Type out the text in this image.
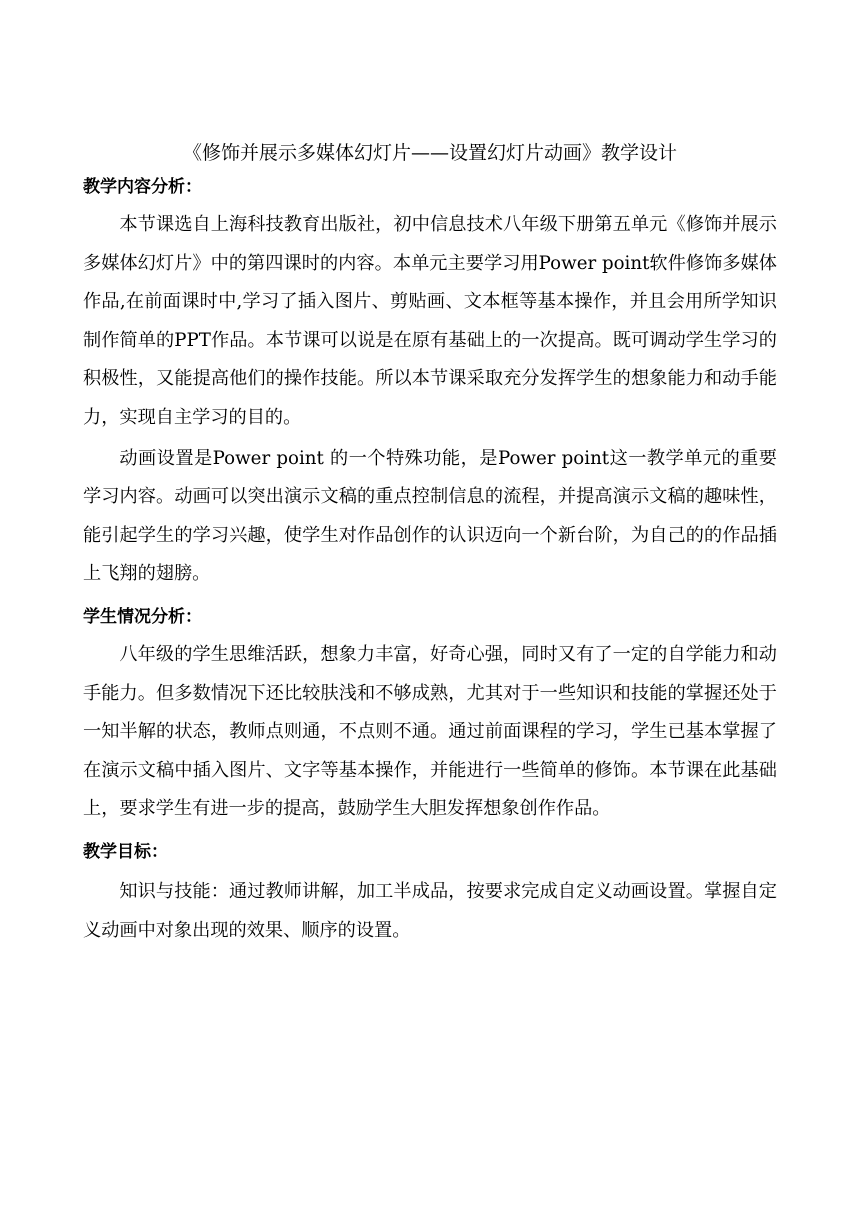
《修饰并展示多媒体幻灯片——设置幻灯片动画》教学设计
教学内容分析：

本节课选自上海科技教育出版社，初中信息技术八年级下册第五单元《修饰并展示多媒体幻灯片》中的第四课时的内容。本单元主要学习用Power point软件修饰多媒体作品,在前面课时中,学习了插入图片、剪贴画、文本框等基本操作，并且会用所学知识制作简单的PPT作品。本节课可以说是在原有基础上的一次提高。既可调动学生学习的积极性，又能提高他们的操作技能。所以本节课采取充分发挥学生的想象能力和动手能力，实现自主学习的目的。

动画设置是Power point 的一个特殊功能，是Power point这一教学单元的重要学习内容。动画可以突出演示文稿的重点控制信息的流程，并提高演示文稿的趣味性，能引起学生的学习兴趣，使学生对作品创作的认识迈向一个新台阶，为自己的的作品插上飞翔的翅膀。

学生情况分析：

八年级的学生思维活跃，想象力丰富，好奇心强，同时又有了一定的自学能力和动手能力。但多数情况下还比较肤浅和不够成熟，尤其对于一些知识和技能的掌握还处于一知半解的状态，教师点则通，不点则不通。通过前面课程的学习，学生已基本掌握了在演示文稿中插入图片、文字等基本操作，并能进行一些简单的修饰。本节课在此基础上，要求学生有进一步的提高，鼓励学生大胆发挥想象创作作品。

教学目标：

知识与技能：通过教师讲解，加工半成品，按要求完成自定义动画设置。掌握自定义动画中对象出现的效果、顺序的设置。
